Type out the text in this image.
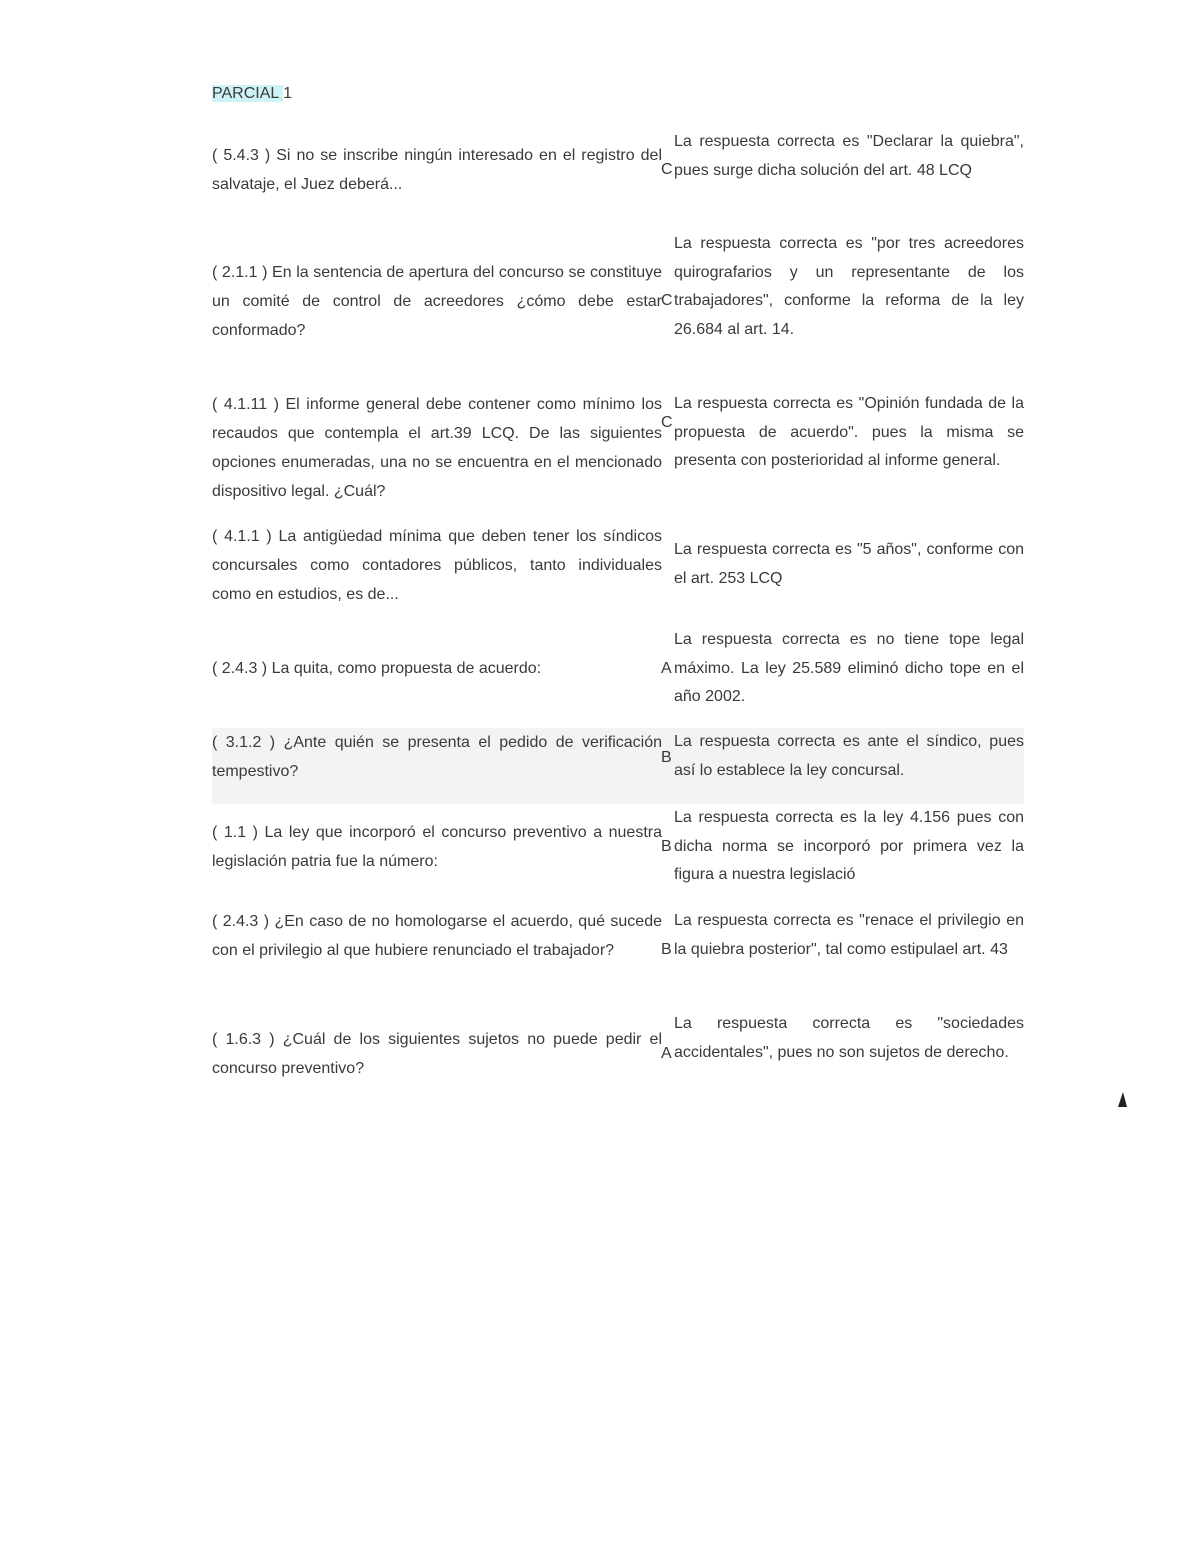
PARCIAL 1
( 5.4.3 ) Si no se inscribe ningún interesado en el registro del salvataje, el Juez deberá...
C
La respuesta correcta es "Declarar la quiebra", pues surge dicha solución del art. 48 LCQ
( 2.1.1 ) En la sentencia de apertura del concurso se constituye un comité de control de acreedores ¿cómo debe estar conformado?
C
La respuesta correcta es "por tres acreedores quirografarios y un representante de los trabajadores", conforme la reforma de la ley 26.684 al art. 14.
( 4.1.11 ) El informe general debe contener como mínimo los recaudos que contempla el art.39 LCQ. De las siguientes opciones enumeradas, una no se encuentra en el mencionado dispositivo legal. ¿Cuál?
C
La respuesta correcta es "Opinión fundada de la propuesta de acuerdo". pues la misma se presenta con posterioridad al informe general.
( 4.1.1 ) La antigüedad mínima que deben tener los síndicos concursales como contadores públicos, tanto individuales como en estudios, es de...
La respuesta correcta es "5 años", conforme con el art. 253 LCQ
( 2.4.3 ) La quita, como propuesta de acuerdo:	A
La respuesta correcta es no tiene tope legal máximo. La ley 25.589 eliminó dicho tope en el año 2002.
( 3.1.2 ) ¿Ante quién se presenta el pedido de verificación tempestivo?
B
La respuesta correcta es ante el síndico, pues así lo establece la ley concursal.
( 1.1 ) La ley que incorporó el concurso preventivo a nuestra legislación patria fue la número:
B
La respuesta correcta es la ley 4.156 pues con dicha norma se incorporó por primera vez la figura a nuestra legislació
( 2.4.3 ) ¿En caso de no homologarse el acuerdo, qué sucede con el privilegio al que hubiere renunciado el trabajador?	B
La respuesta correcta es "renace el privilegio en la quiebra posterior", tal como estipulael art. 43
( 1.6.3 ) ¿Cuál de los siguientes sujetos no puede pedir el concurso preventivo?
A
La respuesta correcta es "sociedades accidentales", pues no son sujetos de derecho.
